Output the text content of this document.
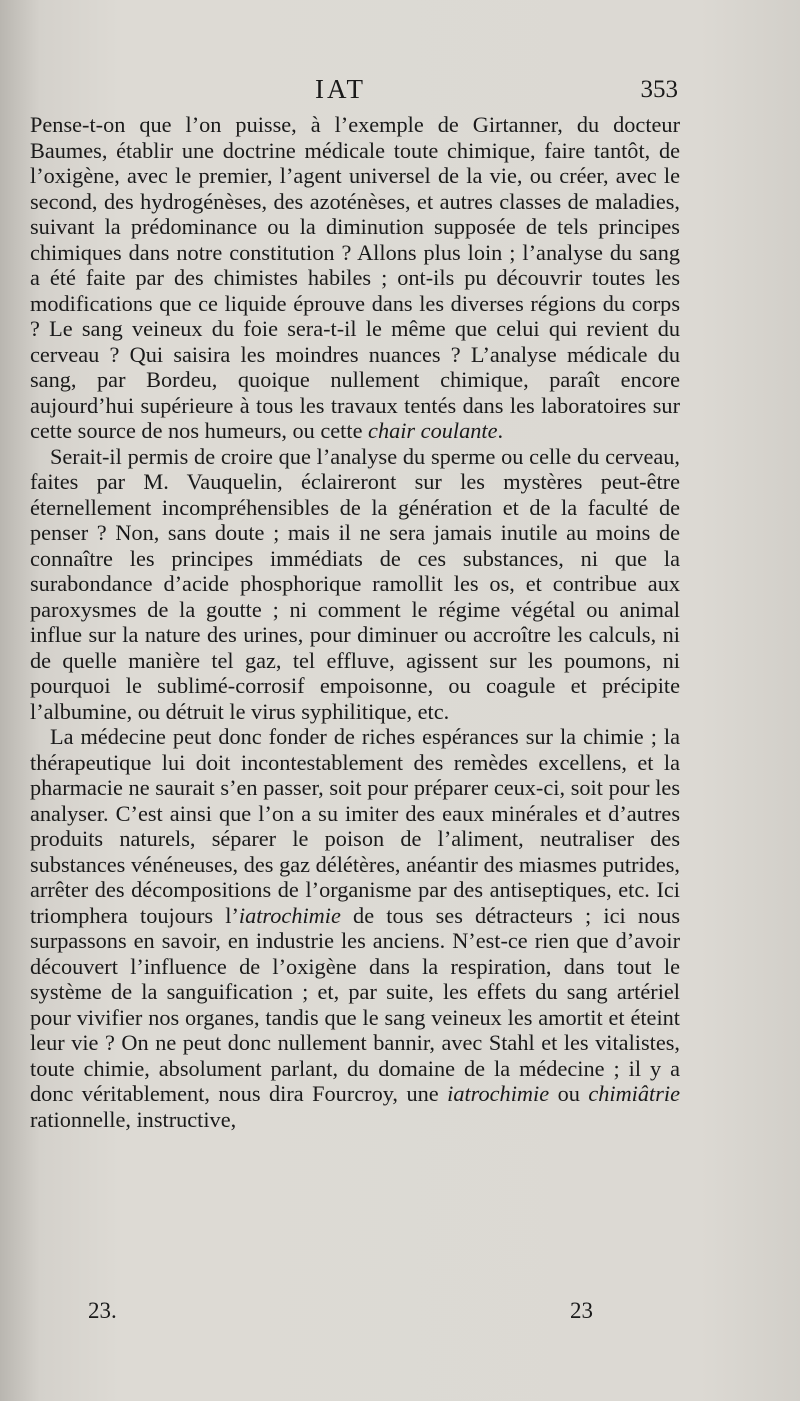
IAT	353

Pense-t-on que l’on puisse, à l’exemple de Girtanner, du docteur Baumes, établir une doctrine médicale toute chimique, faire tantôt, de l’oxigène, avec le premier, l’agent universel de la vie, ou créer, avec le second, des hydrogénèses, des azoténèses, et autres classes de maladies, suivant la prédominance ou la diminution supposée de tels principes chimiques dans notre constitution ? Allons plus loin ; l’analyse du sang a été faite par des chimistes habiles ; ont-ils pu découvrir toutes les modifications que ce liquide éprouve dans les diverses régions du corps ? Le sang veineux du foie sera-t-il le même que celui qui revient du cerveau ? Qui saisira les moindres nuances ? L’analyse médicale du sang, par Bordeu, quoique nullement chimique, paraît encore aujourd’hui supérieure à tous les travaux tentés dans les laboratoires sur cette source de nos humeurs, ou cette chair coulante.

Serait-il permis de croire que l’analyse du sperme ou celle du cerveau, faites par M. Vauquelin, éclaireront sur les mystères peut-être éternellement incompréhensibles de la génération et de la faculté de penser ? Non, sans doute ; mais il ne sera jamais inutile au moins de connaître les principes immédiats de ces substances, ni que la surabondance d’acide phosphorique ramollit les os, et contribue aux paroxysmes de la goutte ; ni comment le régime végétal ou animal influe sur la nature des urines, pour diminuer ou accroître les calculs, ni de quelle manière tel gaz, tel effluve, agissent sur les poumons, ni pourquoi le sublimé-corrosif empoisonne, ou coagule et précipite l’albumine, ou détruit le virus syphilitique, etc.

La médecine peut donc fonder de riches espérances sur la chimie ; la thérapeutique lui doit incontestablement des remèdes excellens, et la pharmacie ne saurait s’en passer, soit pour préparer ceux-ci, soit pour les analyser. C’est ainsi que l’on a su imiter des eaux minérales et d’autres produits naturels, séparer le poison de l’aliment, neutraliser des substances vénéneuses, des gaz délétères, anéantir des miasmes putrides, arrêter des décompositions de l’organisme par des antiseptiques, etc. Ici triomphera toujours l’iatrochimie de tous ses détracteurs ; ici nous surpassons en savoir, en industrie les anciens. N’est-ce rien que d’avoir découvert l’influence de l’oxigène dans la respiration, dans tout le système de la sanguification ; et, par suite, les effets du sang artériel pour vivifier nos organes, tandis que le sang veineux les amortit et éteint leur vie ? On ne peut donc nullement bannir, avec Stahl et les vitalistes, toute chimie, absolument parlant, du domaine de la médecine ; il y a donc véritablement, nous dira Fourcroy, une iatrochimie ou chimiâtrie rationnelle, instructive,

23.	23
